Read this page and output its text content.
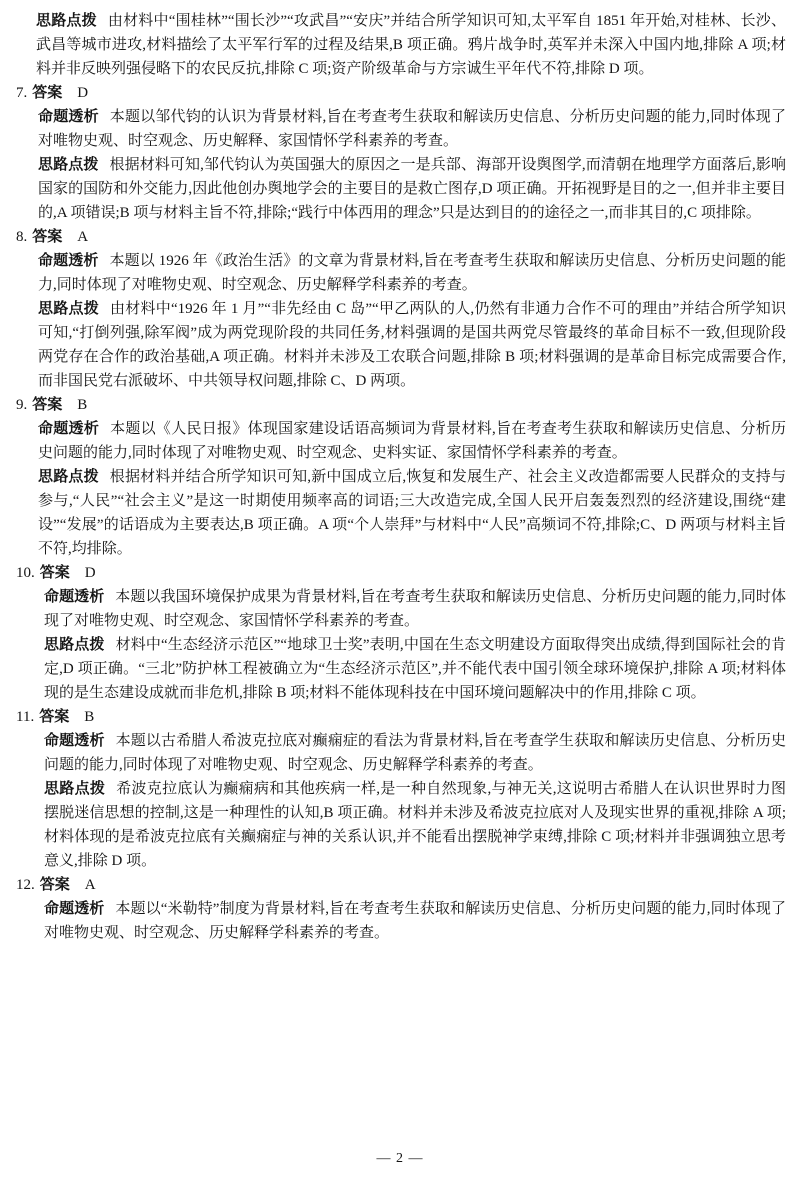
思路点拨 由材料中“围桂林”“围长沙”“攻武昌”“安庆”并结合所学知识可知,太平军自 1851 年开始,对桂林、长沙、武昌等城市进攻,材料描绘了太平军行军的过程及结果,B 项正确。鸦片战争时,英军并未深入中国内地,排除 A 项;材料并非反映列强侵略下的农民反抗,排除 C 项;资产阶级革命与方宗诚生平年代不符,排除 D 项。

7. 答案 D

命题透析 本题以邹代钧的认识为背景材料,旨在考查考生获取和解读历史信息、分析历史问题的能力,同时体现了对唯物史观、时空观念、历史解释、家国情怀学科素养的考查。

思路点拨 根据材料可知,邹代钧认为英国强大的原因之一是兵部、海部开设舆图学,而清朝在地理学方面落后,影响国家的国防和外交能力,因此他创办舆地学会的主要目的是救亡图存,D 项正确。开拓视野是目的之一,但并非主要目的,A 项错误;B 项与材料主旨不符,排除;“践行中体西用的理念”只是达到目的的途径之一,而非其目的,C 项排除。

8. 答案 A

命题透析 本题以 1926 年《政治生活》的文章为背景材料,旨在考查考生获取和解读历史信息、分析历史问题的能力,同时体现了对唯物史观、时空观念、历史解释学科素养的考查。

思路点拨 由材料中“1926 年 1 月”“非先经由 C 岛”“甲乙两队的人,仍然有非通力合作不可的理由”并结合所学知识可知,“打倒列强,除军阀”成为两党现阶段的共同任务,材料强调的是国共两党尽管最终的革命目标不一致,但现阶段两党存在合作的政治基础,A 项正确。材料并未涉及工农联合问题,排除 B 项;材料强调的是革命目标完成需要合作,而非国民党右派破坏、中共领导权问题,排除 C、D 两项。

9. 答案 B

命题透析 本题以《人民日报》体现国家建设话语高频词为背景材料,旨在考查考生获取和解读历史信息、分析历史问题的能力,同时体现了对唯物史观、时空观念、史料实证、家国情怀学科素养的考查。

思路点拨 根据材料并结合所学知识可知,新中国成立后,恢复和发展生产、社会主义改造都需要人民群众的支持与参与,“人民”“社会主义”是这一时期使用频率高的词语;三大改造完成,全国人民开启轰轰烈烈的经济建设,围绕“建设”“发展”的话语成为主要表达,B 项正确。A 项“个人崇拜”与材料中“人民”高频词不符,排除;C、D 两项与材料主旨不符,均排除。

10. 答案 D

命题透析 本题以我国环境保护成果为背景材料,旨在考查考生获取和解读历史信息、分析历史问题的能力,同时体现了对唯物史观、时空观念、家国情怀学科素养的考查。

思路点拨 材料中“生态经济示范区”“地球卫士奖”表明,中国在生态文明建设方面取得突出成绩,得到国际社会的肯定,D 项正确。“三北”防护林工程被确立为“生态经济示范区”,并不能代表中国引领全球环境保护,排除 A 项;材料体现的是生态建设成就而非危机,排除 B 项;材料不能体现科技在中国环境问题解决中的作用,排除 C 项。

11. 答案 B

命题透析 本题以古希腊人希波克拉底对癫痫症的看法为背景材料,旨在考查学生获取和解读历史信息、分析历史问题的能力,同时体现了对唯物史观、时空观念、历史解释学科素养的考查。

思路点拨 希波克拉底认为癫痫病和其他疾病一样,是一种自然现象,与神无关,这说明古希腊人在认识世界时力图摆脱迷信思想的控制,这是一种理性的认知,B 项正确。材料并未涉及希波克拉底对人及现实世界的重视,排除 A 项;材料体现的是希波克拉底有关癫痫症与神的关系认识,并不能看出摆脱神学束缚,排除 C 项;材料并非强调独立思考意义,排除 D 项。

12. 答案 A

命题透析 本题以“米勒特”制度为背景材料,旨在考查考生获取和解读历史信息、分析历史问题的能力,同时体现了对唯物史观、时空观念、历史解释学科素养的考查。

— 2 —
